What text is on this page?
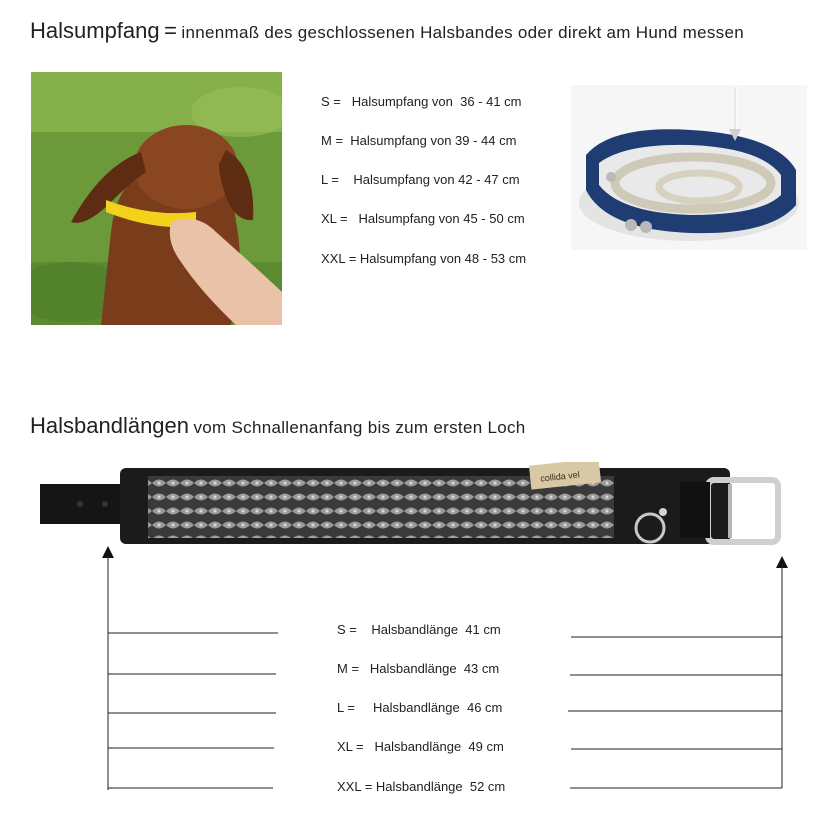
Halsumpfang = innenmaß des geschlossenen Halsbandes oder direkt am Hund messen
S =   Halsumpfang von  36 - 41 cm
M =  Halsumpfang von 39 - 44 cm
L =    Halsumpfang von 42 - 47 cm
XL =   Halsumpfang von 45 - 50 cm
XXL = Halsumpfang von 48 - 53 cm
Halsbandlängen vom Schnallenanfang bis zum ersten Loch
collida vel
S =    Halsbandlänge  41 cm
M =   Halsbandlänge  43 cm
L =     Halsbandlänge  46 cm
XL =   Halsbandlänge  49 cm
XXL = Halsbandlänge  52 cm
